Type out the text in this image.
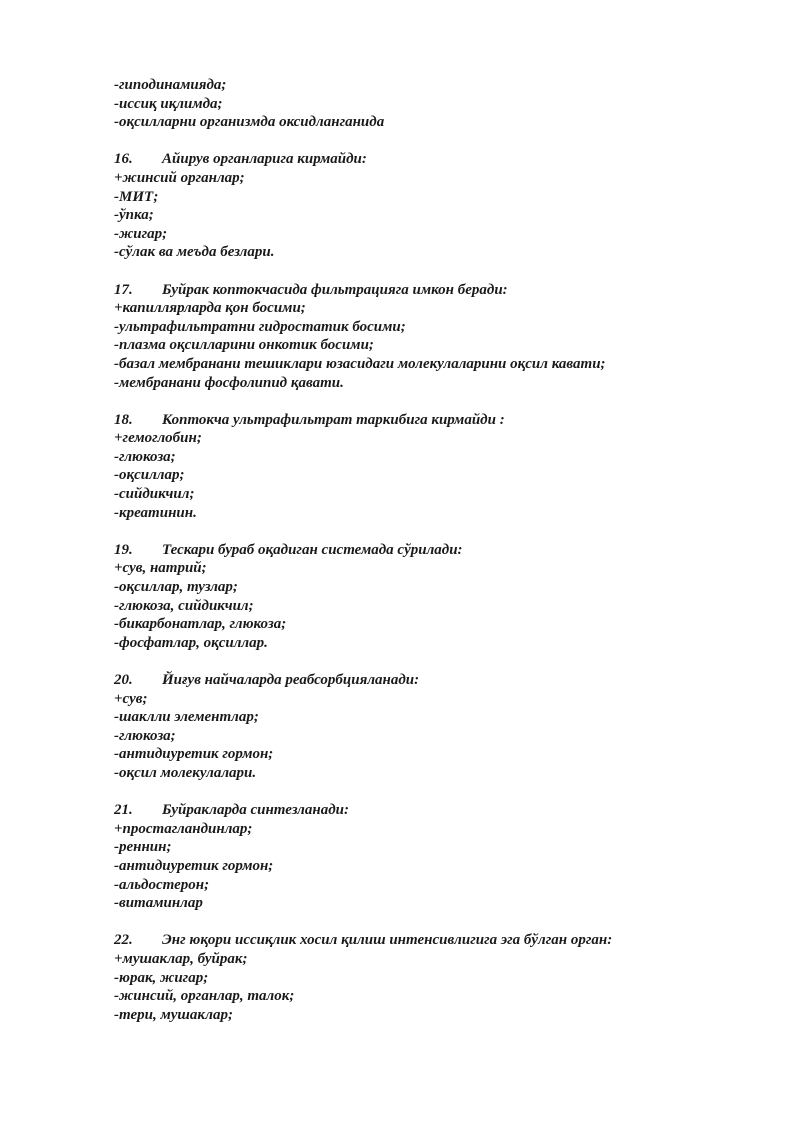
-гиподинамияда;
-иссиқ иқлимда;
-оқсилларни организмда оксидланганида
16.	Айирув органларига кирмайди:
+жинсий органлар;
-МИТ;
-ўпка;
-жигар;
-сўлак ва меъда безлари.
17.	Буйрак коптокчасида фильтрацияга имкон беради:
+капиллярларда қон босими;
-ультрафильтратни гидростатик босими;
-плазма оқсилларини онкотик босими;
-базал мембранани тешиклари юзасидаги молекулаларини оқсил кавати;
-мембранани фосфолипид қавати.
18.	Коптокча ультрафильтрат таркибига кирмайди :
+гемоглобин;
-глюкоза;
-оқсиллар;
-сийдикчил;
-креатинин.
19.	Тескари бураб оқадиган системада сўрилади:
+сув, натрий;
-оқсиллар, тузлар;
-глюкоза, сийдикчил;
-бикарбонатлар, глюкоза;
-фосфатлар, оқсиллар.
20.	Йиғув найчаларда реабсорбцияланади:
+сув;
-шаклли элементлар;
-глюкоза;
-антидиуретик гормон;
-оқсил молекулалари.
21.	Буйракларда синтезланади:
+простагландинлар;
-реннин;
-антидиуретик гормон;
-альдостерон;
-витаминлар
22.	Энг юқори иссиқлик хосил қилиш интенсивлигига эга бўлган орган:
+мушаклар, буйрак;
-юрак, жигар;
-жинсий, органлар, талок;
-тери, мушаклар;
